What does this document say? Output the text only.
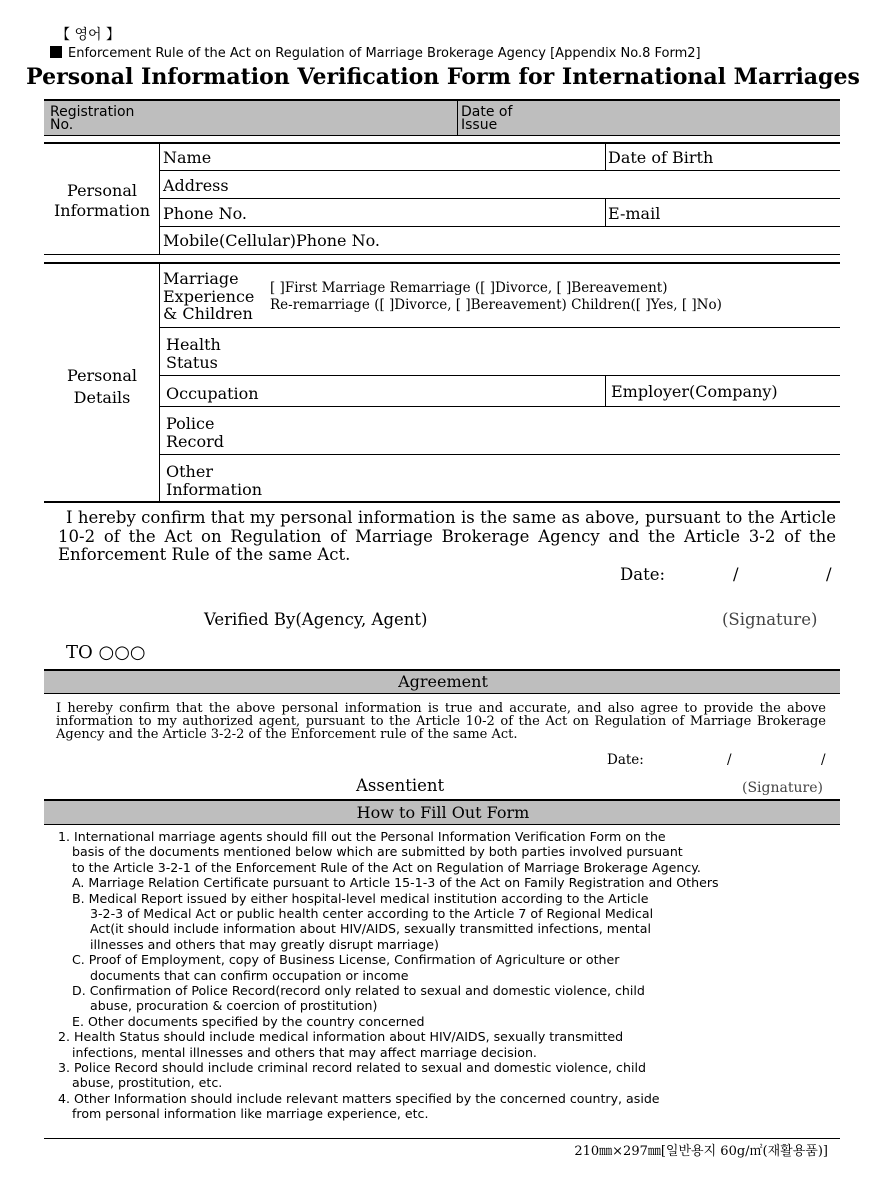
【 영어 】
Enforcement Rule of the Act on Regulation of Marriage Brokerage Agency [Appendix No.8 Form2]
Personal Information Verification Form for International Marriages
Registration No.
Date of Issue
Personal Information
Name	Date of Birth
Address
Phone No.	E-mail
Mobile(Cellular)Phone No.
Personal Details
Marriage Experience & Children
[ ]First Marriage Remarriage ([ ]Divorce, [ ]Bereavement)
Re-remarriage ([ ]Divorce, [ ]Bereavement) Children([ ]Yes, [ ]No)
Health Status
Occupation	Employer(Company)
Police Record
Other Information
I hereby confirm that my personal information is the same as above, pursuant to the Article 10-2 of the Act on Regulation of Marriage Brokerage Agency and the Article 3-2 of the Enforcement Rule of the same Act.
Date:	/	/
Verified By(Agency, Agent)	(Signature)
TO ○○○
Agreement
I hereby confirm that the above personal information is true and accurate, and also agree to provide the above information to my authorized agent, pursuant to the Article 10-2 of the Act on Regulation of Marriage Brokerage Agency and the Article 3-2-2 of the Enforcement rule of the same Act.
Date:	/	/
Assentient	(Signature)
How to Fill Out Form
1. International marriage agents should fill out the Personal Information Verification Form on the
basis of the documents mentioned below which are submitted by both parties involved pursuant
to the Article 3-2-1 of the Enforcement Rule of the Act on Regulation of Marriage Brokerage Agency.
A. Marriage Relation Certificate pursuant to Article 15-1-3 of the Act on Family Registration and Others
B. Medical Report issued by either hospital-level medical institution according to the Article
3-2-3 of Medical Act or public health center according to the Article 7 of Regional Medical
Act(it should include information about HIV/AIDS, sexually transmitted infections, mental
illnesses and others that may greatly disrupt marriage)
C. Proof of Employment, copy of Business License, Confirmation of Agriculture or other
documents that can confirm occupation or income
D. Confirmation of Police Record(record only related to sexual and domestic violence, child
abuse, procuration & coercion of prostitution)
E. Other documents specified by the country concerned
2. Health Status should include medical information about HIV/AIDS, sexually transmitted
infections, mental illnesses and others that may affect marriage decision.
3. Police Record should include criminal record related to sexual and domestic violence, child
abuse, prostitution, etc.
4. Other Information should include relevant matters specified by the concerned country, aside
from personal information like marriage experience, etc.
210㎜×297㎜[일반용지 60g/㎡(재활용품)]
